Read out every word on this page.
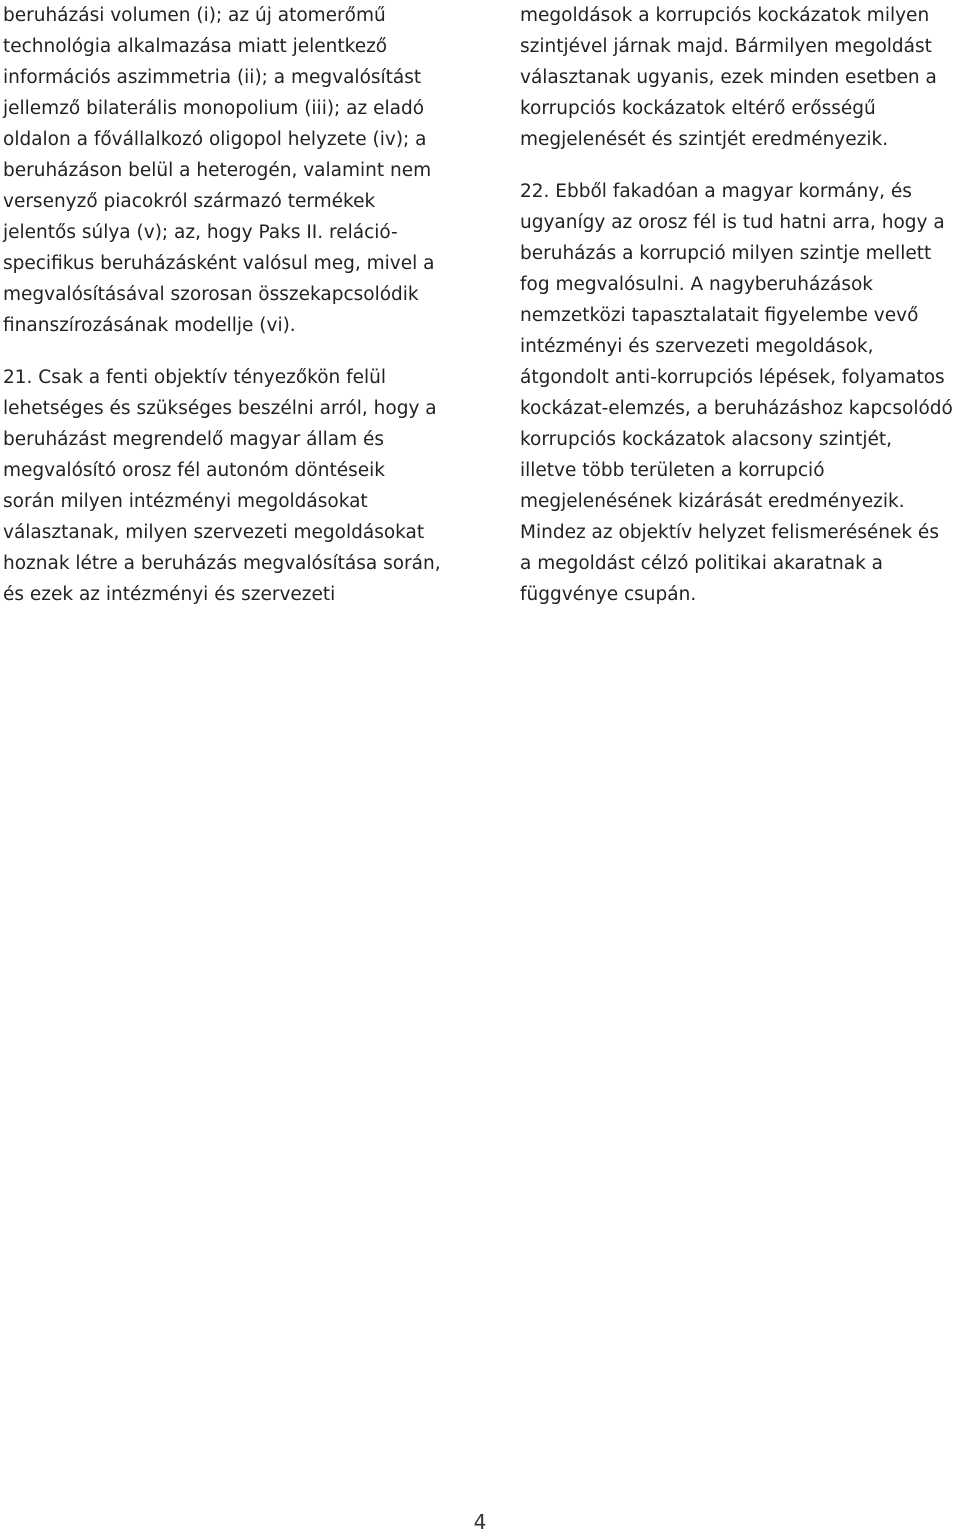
beruházási volumen (i); az új atomerőmű
technológia alkalmazása miatt jelentkező
információs aszimmetria (ii); a megvalósítást
jellemző bilaterális monopolium (iii); az eladó
oldalon a fővállalkozó oligopol helyzete (iv); a
beruházáson belül a heterogén, valamint nem
versenyző piacokról származó termékek
jelentős súlya (v); az, hogy Paks II. reláció-
specifikus beruházásként valósul meg, mivel a
megvalósításával szorosan összekapcsolódik
finanszírozásának modellje (vi).

21. Csak a fenti objektív tényezőkön felül
lehetséges és szükséges beszélni arról, hogy a
beruházást megrendelő magyar állam és
megvalósító orosz fél autonóm döntéseik
során milyen intézményi megoldásokat
választanak, milyen szervezeti megoldásokat
hoznak létre a beruházás megvalósítása során,
és ezek az intézményi és szervezeti

megoldások a korrupciós kockázatok milyen
szintjével járnak majd. Bármilyen megoldást
választanak ugyanis, ezek minden esetben a
korrupciós kockázatok eltérő erősségű
megjelenését és szintjét eredményezik.

22. Ebből fakadóan a magyar kormány, és
ugyanígy az orosz fél is tud hatni arra, hogy a
beruházás a korrupció milyen szintje mellett
fog megvalósulni. A nagyberuházások
nemzetközi tapasztalatait figyelembe vevő
intézményi és szervezeti megoldások,
átgondolt anti-korrupciós lépések, folyamatos
kockázat-elemzés, a beruházáshoz kapcsolódó
korrupciós kockázatok alacsony szintjét,
illetve több területen a korrupció
megjelenésének kizárását eredményezik.
Mindez az objektív helyzet felismerésének és
a megoldást célzó politikai akaratnak a
függvénye csupán.

4
